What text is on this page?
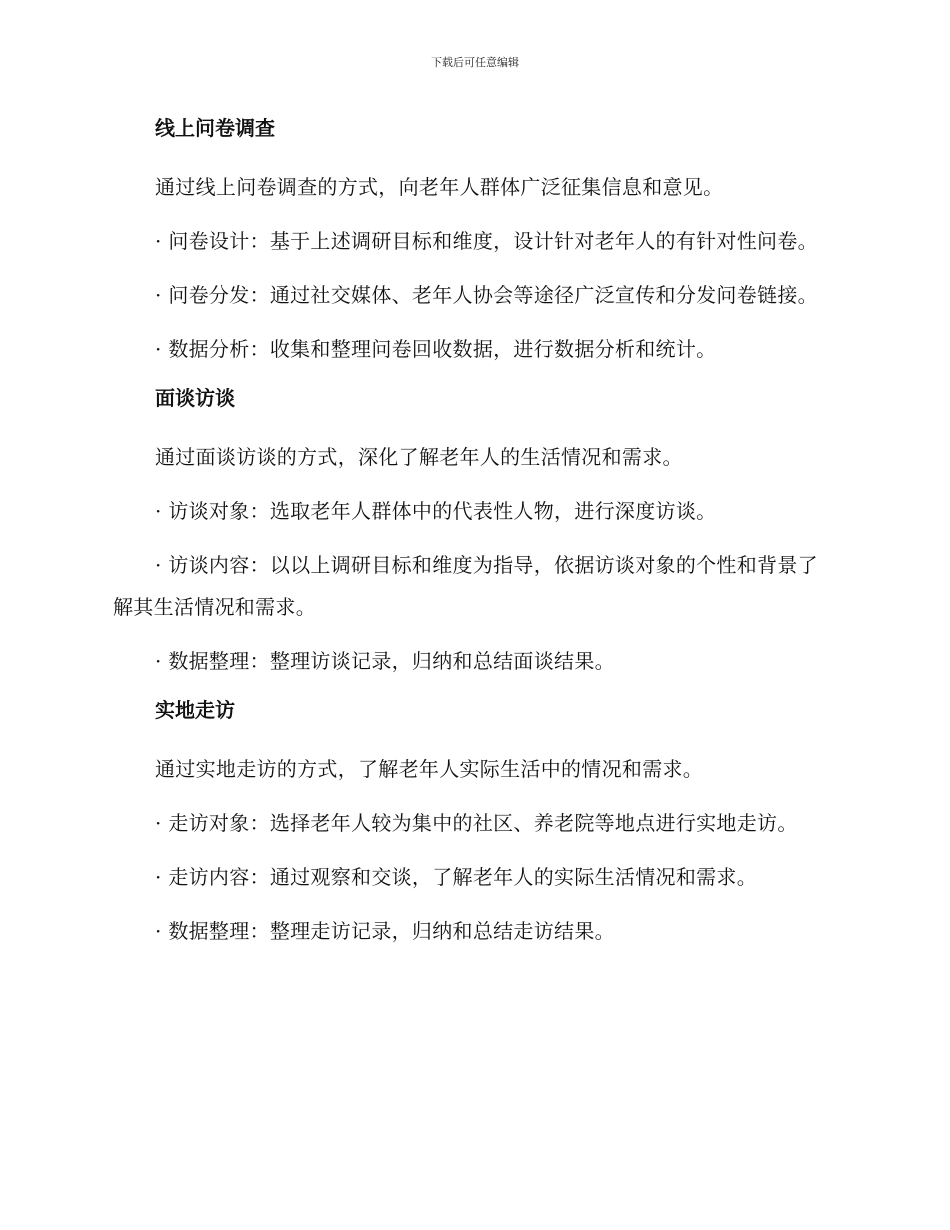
下载后可任意编辑
线上问卷调查

通过线上问卷调查的方式，向老年人群体广泛征集信息和意见。

· 问卷设计：基于上述调研目标和维度，设计针对老年人的有针对性问卷。

· 问卷分发：通过社交媒体、老年人协会等途径广泛宣传和分发问卷链接。

· 数据分析：收集和整理问卷回收数据，进行数据分析和统计。

面谈访谈

通过面谈访谈的方式，深化了解老年人的生活情况和需求。

· 访谈对象：选取老年人群体中的代表性人物，进行深度访谈。

· 访谈内容：以以上调研目标和维度为指导，依据访谈对象的个性和背景了解其生活情况和需求。

· 数据整理：整理访谈记录，归纳和总结面谈结果。

实地走访

通过实地走访的方式，了解老年人实际生活中的情况和需求。

· 走访对象：选择老年人较为集中的社区、养老院等地点进行实地走访。

· 走访内容：通过观察和交谈，了解老年人的实际生活情况和需求。

· 数据整理：整理走访记录，归纳和总结走访结果。
